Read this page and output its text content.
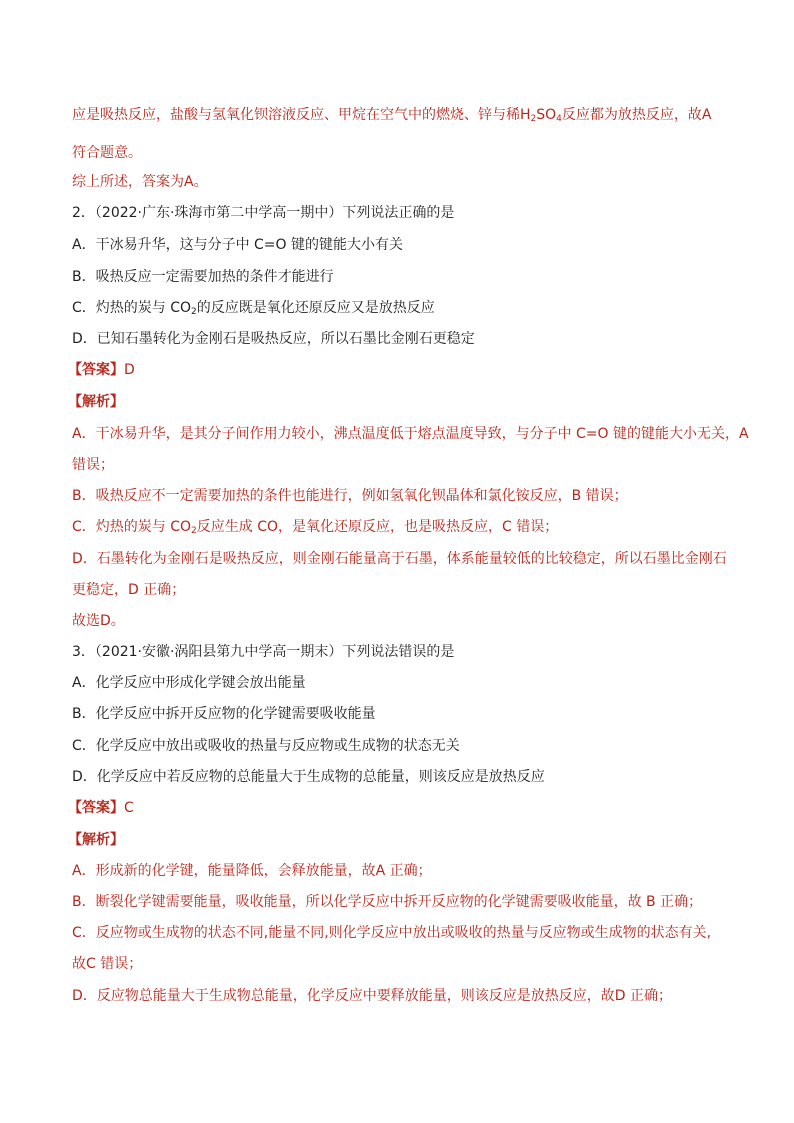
应是吸热反应，盐酸与氢氧化钡溶液反应、甲烷在空气中的燃烧、锌与稀$H_2SO_4$反应都为放热反应，故A
符合题意。
综上所述，答案为A。
2．（2022·广东·珠海市第二中学高一期中）下列说法正确的是
A．干冰易升华，这与分子中 C=O 键的键能大小有关
B．吸热反应一定需要加热的条件才能进行
C．灼热的炭与 $CO_2$的反应既是氧化还原反应又是放热反应
D．已知石墨转化为金刚石是吸热反应，所以石墨比金刚石更稳定
【答案】D
【解析】
A．干冰易升华，是其分子间作用力较小，沸点温度低于熔点温度导致，与分子中 C=O 键的键能大小无关，A
错误；
B．吸热反应不一定需要加热的条件也能进行，例如氢氧化钡晶体和氯化铵反应，B 错误；
C．灼热的炭与 $CO_2$反应生成 CO，是氧化还原反应，也是吸热反应，C 错误；
D．石墨转化为金刚石是吸热反应，则金刚石能量高于石墨，体系能量较低的比较稳定，所以石墨比金刚石
更稳定，D 正确；
故选D。
3．（2021·安徽·涡阳县第九中学高一期末）下列说法错误的是
A．化学反应中形成化学键会放出能量
B．化学反应中拆开反应物的化学键需要吸收能量
C．化学反应中放出或吸收的热量与反应物或生成物的状态无关
D．化学反应中若反应物的总能量大于生成物的总能量，则该反应是放热反应
【答案】C
【解析】
A．形成新的化学键，能量降低，会释放能量，故A 正确；
B．断裂化学键需要能量，吸收能量，所以化学反应中拆开反应物的化学键需要吸收能量，故 B 正确；
C．反应物或生成物的状态不同,能量不同,则化学反应中放出或吸收的热量与反应物或生成物的状态有关,
故C 错误；
D．反应物总能量大于生成物总能量，化学反应中要释放能量，则该反应是放热反应，故D 正确；
